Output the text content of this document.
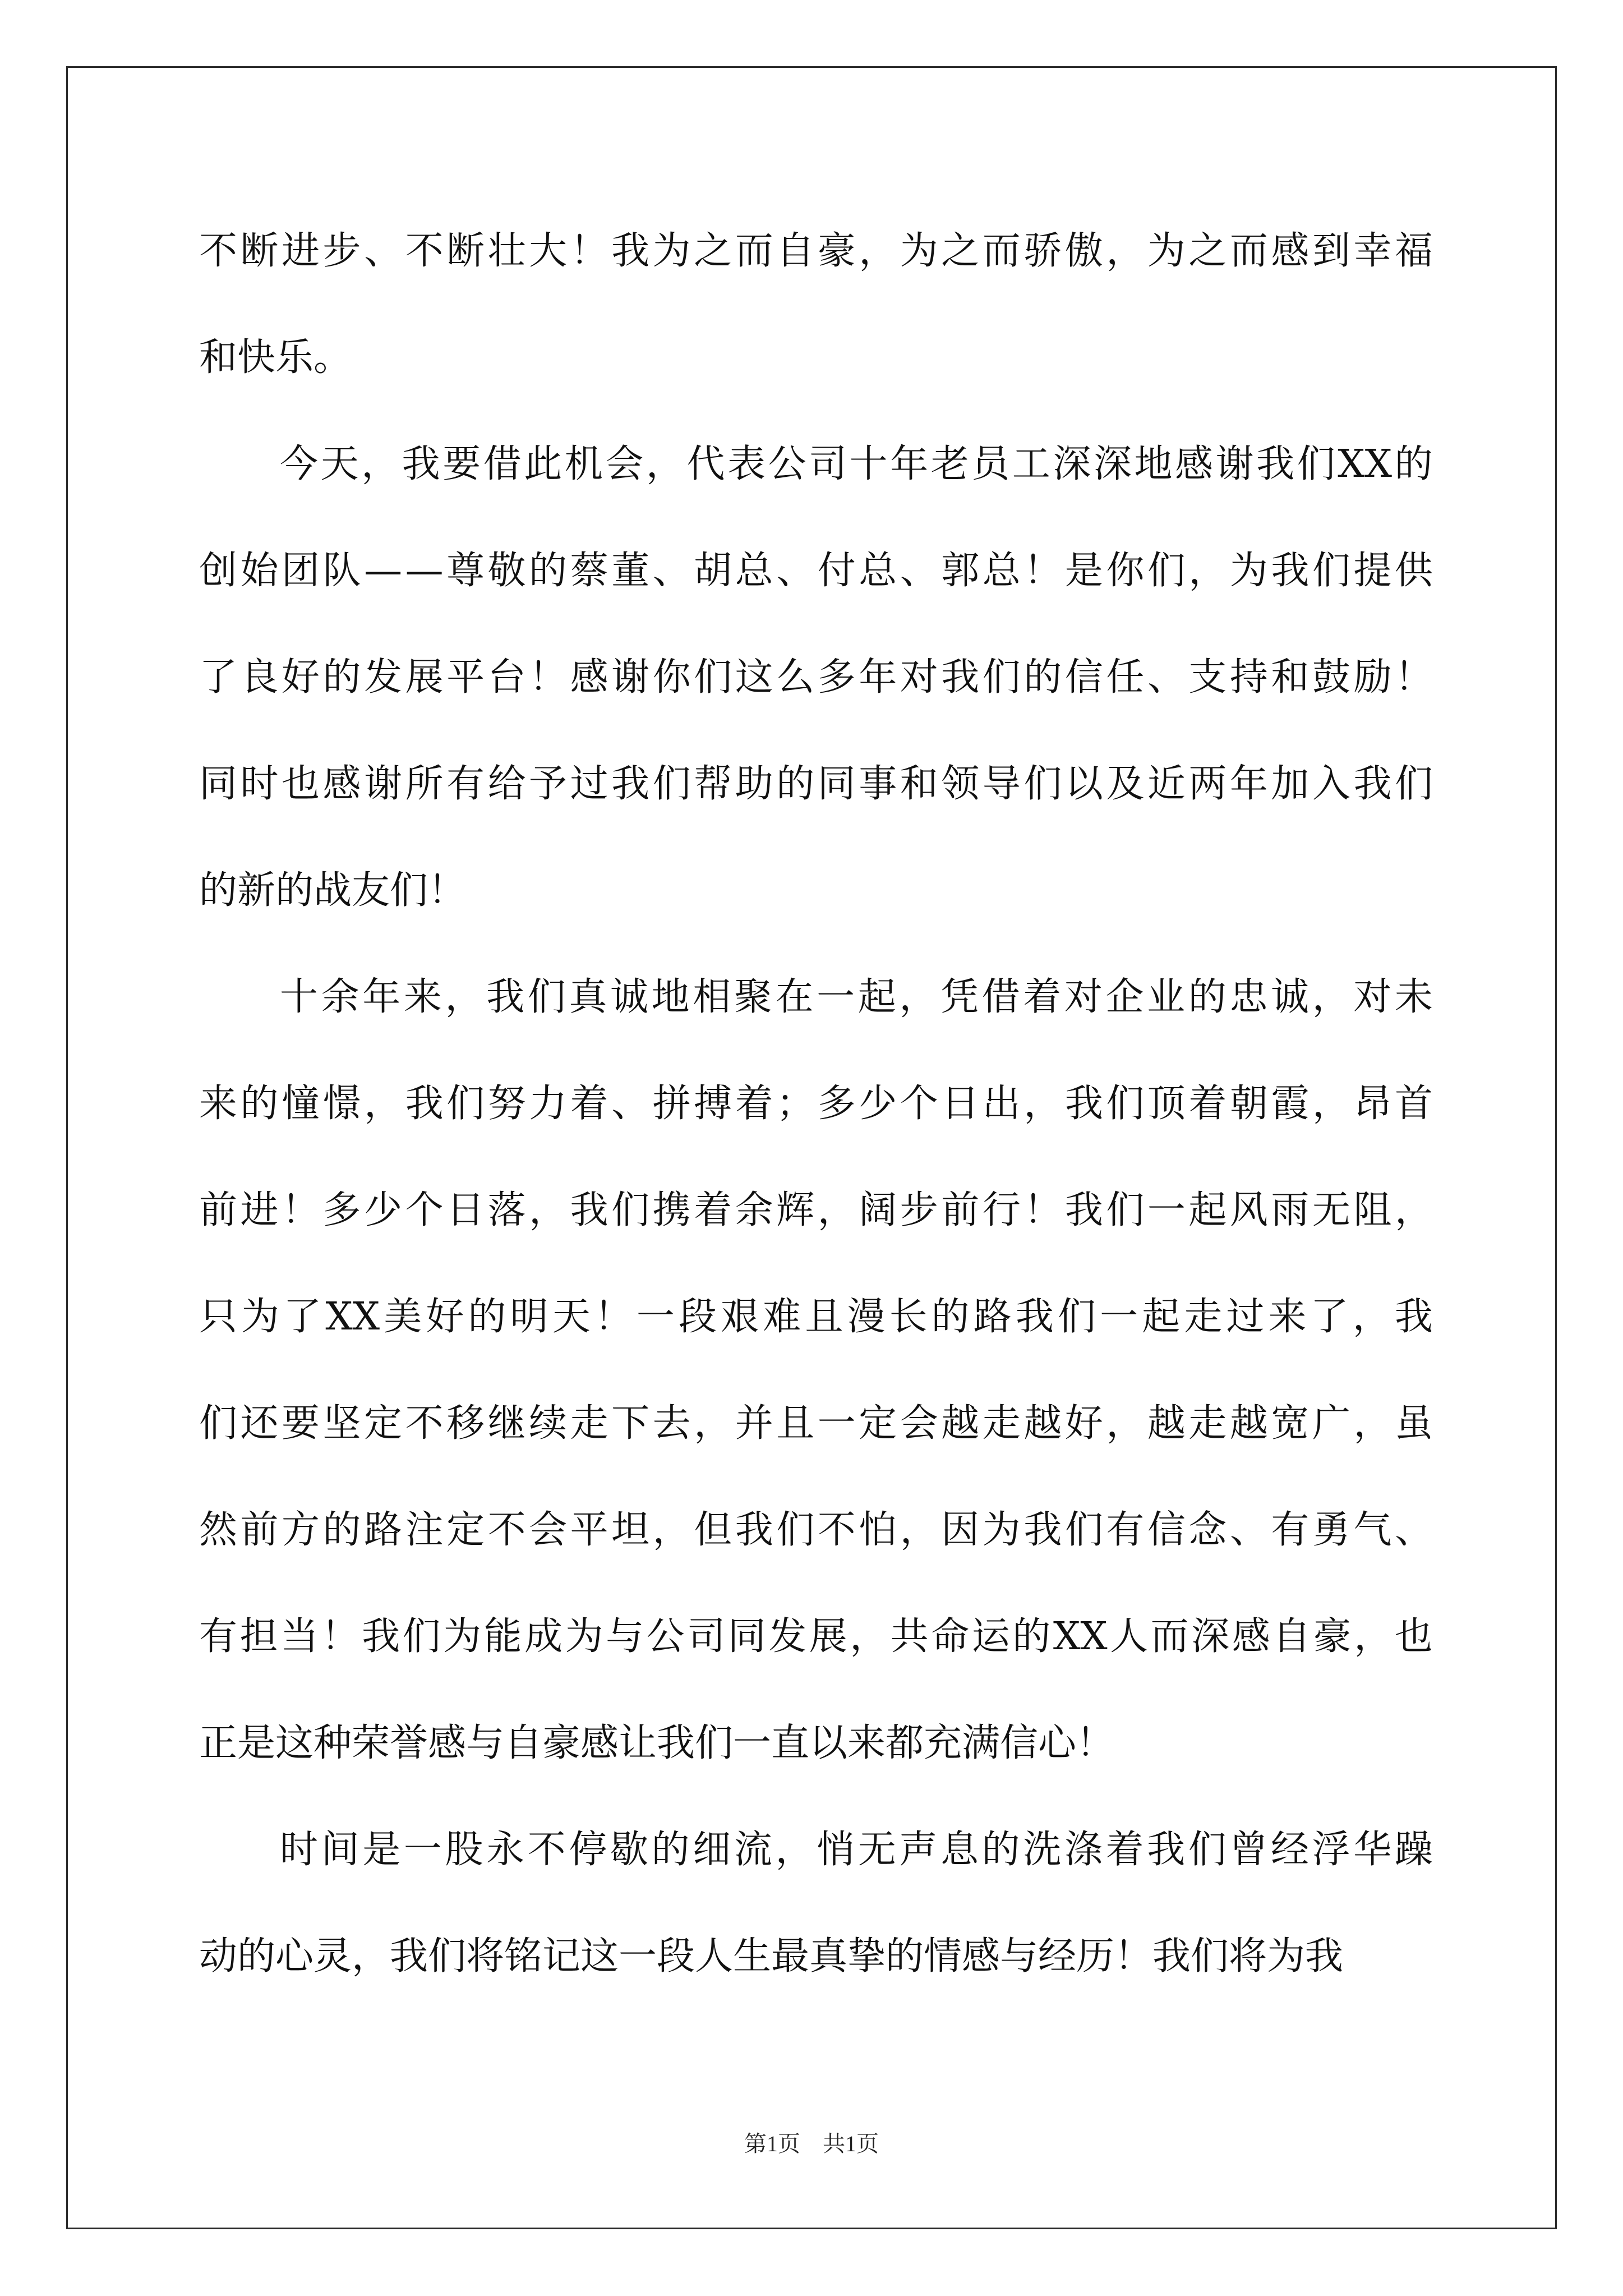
不 断 进 步 、 不 断 壮 大 ！ 我 为 之 而 自 豪 ， 为 之 而 骄 傲 ， 为 之 而 感 到 幸 福
和快乐。
今 天 ， 我 要 借 此 机 会 ， 代 表 公 司 十 年 老 员 工 深 深 地 感 谢 我 们 XX 的
创 始 团 队 — — 尊 敬 的 蔡 董 、 胡 总 、 付 总 、 郭 总 ！ 是 你 们 ， 为 我 们 提 供
了 良 好 的 发 展 平 台 ！ 感 谢 你 们 这 么 多 年 对 我 们 的 信 任 、 支 持 和 鼓 励 ！
同 时 也 感 谢 所 有 给 予 过 我 们 帮 助 的 同 事 和 领 导 们 以 及 近 两 年 加 入 我 们
的新的战友们！
十 余 年 来 ， 我 们 真 诚 地 相 聚 在 一 起 ， 凭 借 着 对 企 业 的 忠 诚 ， 对 未
来 的 憧 憬 ， 我 们 努 力 着 、 拼 搏 着 ； 多 少 个 日 出 ， 我 们 顶 着 朝 霞 ， 昂 首
前 进 ！ 多 少 个 日 落 ， 我 们 携 着 余 辉 ， 阔 步 前 行 ！ 我 们 一 起 风 雨 无 阻 ，
只 为 了 XX 美 好 的 明 天 ！ 一 段 艰 难 且 漫 长 的 路 我 们 一 起 走 过 来 了 ， 我
们 还 要 坚 定 不 移 继 续 走 下 去 ， 并 且 一 定 会 越 走 越 好 ， 越 走 越 宽 广 ， 虽
然 前 方 的 路 注 定 不 会 平 坦 ， 但 我 们 不 怕 ， 因 为 我 们 有 信 念 、 有 勇 气 、
有 担 当 ！ 我 们 为 能 成 为 与 公 司 同 发 展 ， 共 命 运 的 XX 人 而 深 感 自 豪 ， 也
正是这种荣誉感与自豪感让我们一直以来都充满信心！
时 间 是 一 股 永 不 停 歇 的 细 流 ， 悄 无 声 息 的 洗 涤 着 我 们 曾 经 浮 华 躁
动的心灵，我们将铭记这一段人生最真挚的情感与经历！我们将为我
第1页　共1页
